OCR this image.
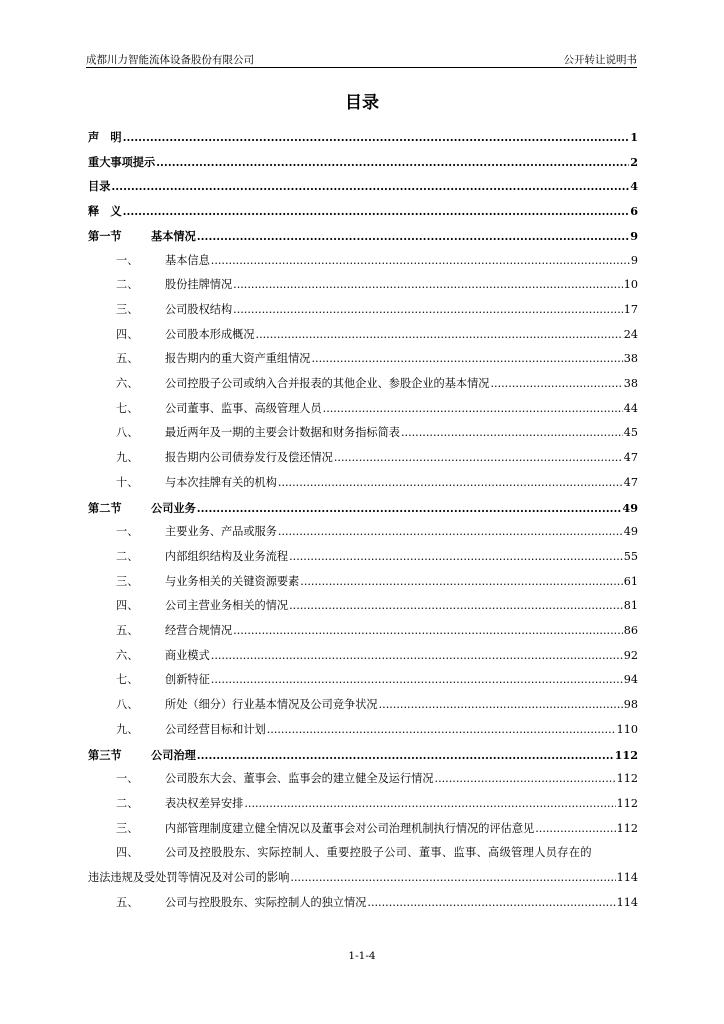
成都川力智能流体设备股份有限公司	公开转让说明书
目录
声　明 .....	1
重大事项提示 .....	2
目录 .....	4
释　义 .....	6
第一节	基本情况 .....	9
一、	基本信息 .....	9
二、	股份挂牌情况 .....	10
三、	公司股权结构 .....	17
四、	公司股本形成概况 .....	24
五、	报告期内的重大资产重组情况 .....	38
六、	公司控股子公司或纳入合并报表的其他企业、参股企业的基本情况 .....	38
七、	公司董事、监事、高级管理人员 .....	44
八、	最近两年及一期的主要会计数据和财务指标简表 .....	45
九、	报告期内公司债券发行及偿还情况 .....	47
十、	与本次挂牌有关的机构 .....	47
第二节	公司业务 .....	49
一、	主要业务、产品或服务 .....	49
二、	内部组织结构及业务流程 .....	55
三、	与业务相关的关键资源要素 .....	61
四、	公司主营业务相关的情况 .....	81
五、	经营合规情况 .....	86
六、	商业模式 .....	92
七、	创新特征 .....	94
八、	所处（细分）行业基本情况及公司竞争状况 .....	98
九、	公司经营目标和计划 .....	110
第三节	公司治理 .....	112
一、	公司股东大会、董事会、监事会的建立健全及运行情况 .....	112
二、	表决权差异安排 .....	112
三、	内部管理制度建立健全情况以及董事会对公司治理机制执行情况的评估意见 .....	112
四、	公司及控股股东、实际控制人、重要控股子公司、董事、监事、高级管理人员存在的
违法违规及受处罚等情况及对公司的影响 .....	114
五、	公司与控股股东、实际控制人的独立情况 .....	114
1-1-4
